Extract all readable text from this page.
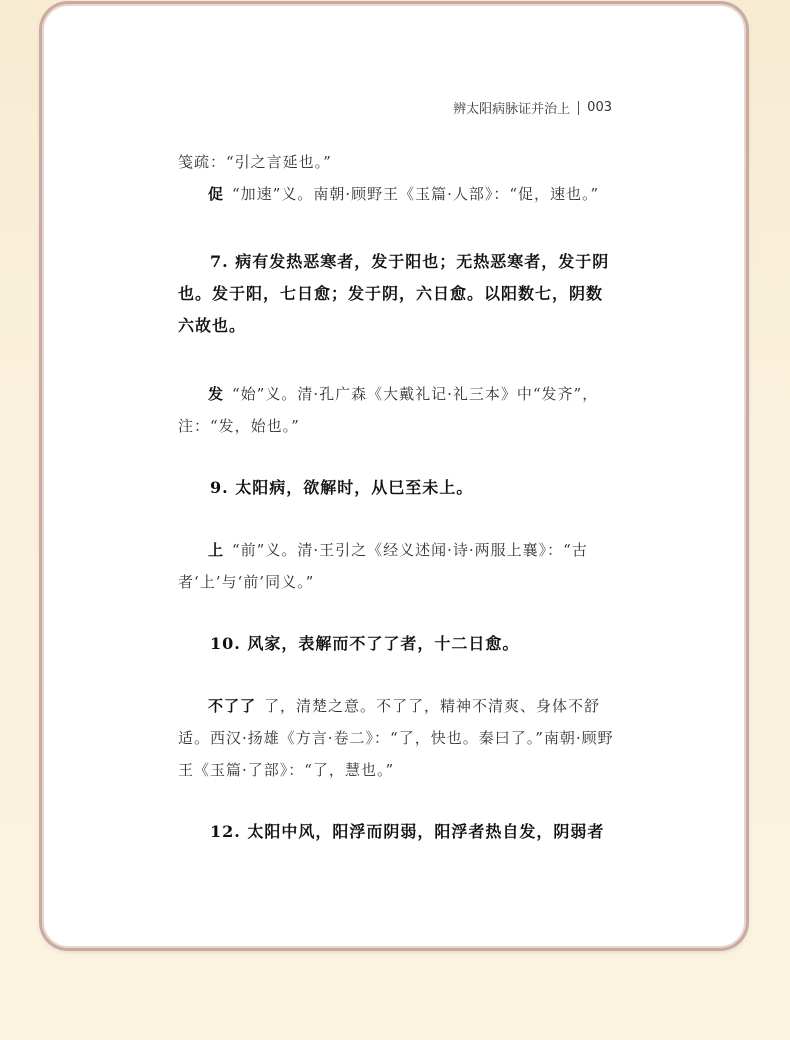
辨太阳病脉证并治上 003

笺疏：“引之言延也。”

促 “加速”义。南朝·顾野王《玉篇·人部》：“促，速也。”

7. 病有发热恶寒者，发于阳也；无热恶寒者，发于阴也。发于阳，七日愈；发于阴，六日愈。以阳数七，阴数六故也。

发 “始”义。清·孔广森《大戴礼记·礼三本》中“发齐”，注：“发，始也。”

9. 太阳病，欲解时，从巳至未上。

上 “前”义。清·王引之《经义述闻·诗·两服上襄》：“古者‘上’与‘前’同义。”

10. 风家，表解而不了了者，十二日愈。

不了了 了，清楚之意。不了了，精神不清爽、身体不舒适。西汉·扬雄《方言·卷二》：“了，快也。秦曰了。”南朝·顾野王《玉篇·了部》：“了，慧也。”

12. 太阳中风，阳浮而阴弱，阳浮者热自发，阴弱者
